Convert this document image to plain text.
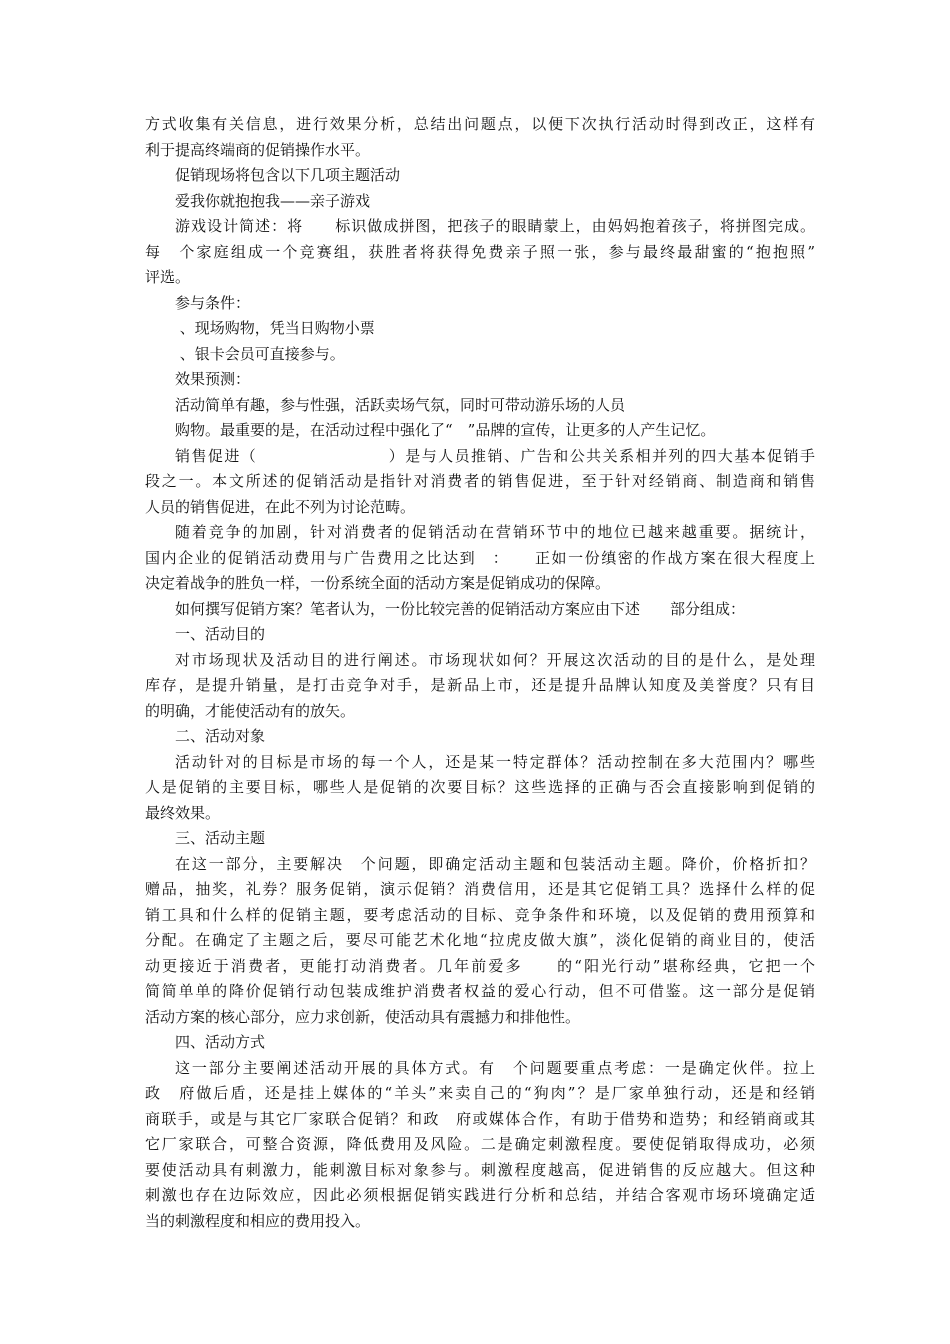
方式收集有关信息，进行效果分析，总结出问题点，以便下次执行活动时得到改正，这样有
利于提高终端商的促销操作水平。
促销现场将包含以下几项主题活动
爱我你就抱抱我——亲子游戏
游戏设计简述：将　　标识做成拼图，把孩子的眼睛蒙上，由妈妈抱着孩子，将拼图完成。
每　个家庭组成一个竞赛组，获胜者将获得免费亲子照一张，参与最终最甜蜜的“抱抱照”
评选。
参与条件：
、现场购物，凭当日购物小票
、银卡会员可直接参与。
效果预测：
活动简单有趣，参与性强，活跃卖场气氛，同时可带动游乐场的人员
购物。最重要的是，在活动过程中强化了“　”品牌的宣传，让更多的人产生记忆。
销售促进（　　　　　　　　）是与人员推销、广告和公共关系相并列的四大基本促销手
段之一。本文所述的促销活动是指针对消费者的销售促进，至于针对经销商、制造商和销售
人员的销售促进，在此不列为讨论范畴。
随着竞争的加剧，针对消费者的促销活动在营销环节中的地位已越来越重要。据统计，
国内企业的促销活动费用与广告费用之比达到　：　　正如一份缜密的作战方案在很大程度上
决定着战争的胜负一样，一份系统全面的活动方案是促销成功的保障。
如何撰写促销方案？笔者认为，一份比较完善的促销活动方案应由下述　　部分组成：
一、活动目的
对市场现状及活动目的进行阐述。市场现状如何？开展这次活动的目的是什么，是处理
库存，是提升销量，是打击竞争对手，是新品上市，还是提升品牌认知度及美誉度？只有目
的明确，才能使活动有的放矢。
二、活动对象
活动针对的目标是市场的每一个人，还是某一特定群体？活动控制在多大范围内？哪些
人是促销的主要目标，哪些人是促销的次要目标？这些选择的正确与否会直接影响到促销的
最终效果。
三、活动主题
在这一部分，主要解决　个问题，即确定活动主题和包装活动主题。降价，价格折扣？
赠品，抽奖，礼券？服务促销，演示促销？消费信用，还是其它促销工具？选择什么样的促
销工具和什么样的促销主题，要考虑活动的目标、竞争条件和环境，以及促销的费用预算和
分配。在确定了主题之后，要尽可能艺术化地“拉虎皮做大旗”，淡化促销的商业目的，使活
动更接近于消费者，更能打动消费者。几年前爱多　　的“阳光行动”堪称经典，它把一个
简简单单的降价促销行动包装成维护消费者权益的爱心行动，但不可借鉴。这一部分是促销
活动方案的核心部分，应力求创新，使活动具有震撼力和排他性。
四、活动方式
这一部分主要阐述活动开展的具体方式。有　个问题要重点考虑：一是确定伙伴。拉上
政　府做后盾，还是挂上媒体的“羊头”来卖自己的“狗肉”？是厂家单独行动，还是和经销
商联手，或是与其它厂家联合促销？和政　府或媒体合作，有助于借势和造势；和经销商或其
它厂家联合，可整合资源，降低费用及风险。二是确定刺激程度。要使促销取得成功，必须
要使活动具有刺激力，能刺激目标对象参与。刺激程度越高，促进销售的反应越大。但这种
刺激也存在边际效应，因此必须根据促销实践进行分析和总结，并结合客观市场环境确定适
当的刺激程度和相应的费用投入。
